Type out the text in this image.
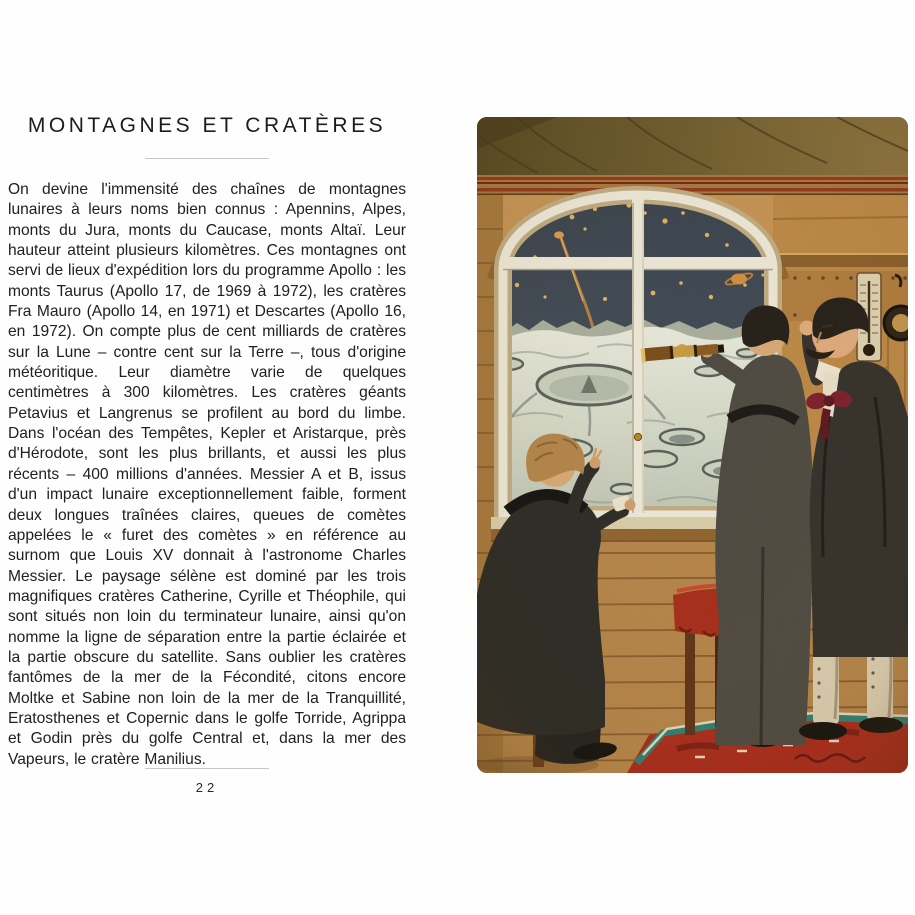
MONTAGNES ET CRATÈRES

On devine l'immensité des chaînes de montagnes lunaires à leurs noms bien connus : Apennins, Alpes, monts du Jura, monts du Caucase, monts Altaï. Leur hauteur atteint plusieurs kilomètres. Ces montagnes ont servi de lieux d'expédition lors du programme Apollo : les monts Taurus (Apollo 17, de 1969 à 1972), les cratères Fra Mauro (Apollo 14, en 1971) et Descartes (Apollo 16, en 1972). On compte plus de cent milliards de cratères sur la Lune – contre cent sur la Terre –, tous d'origine météoritique. Leur diamètre varie de quelques centimètres à 300 kilomètres. Les cratères géants Petavius et Langrenus se profilent au bord du limbe. Dans l'océan des Tempêtes, Kepler et Aristarque, près d'Hérodote, sont les plus brillants, et aussi les plus récents – 400 millions d'années. Messier A et B, issus d'un impact lunaire exceptionnellement faible, forment deux longues traînées claires, queues de comètes appelées le « furet des comètes » en référence au surnom que Louis XV donnait à l'astronome Charles Messier. Le paysage sélène est dominé par les trois magnifiques cratères Catherine, Cyrille et Théophile, qui sont situés non loin du terminateur lunaire, ainsi qu'on nomme la ligne de séparation entre la partie éclairée et la partie obscure du satellite. Sans oublier les cratères fantômes de la mer de la Fécondité, citons encore Moltke et Sabine non loin de la mer de la Tranquillité, Eratosthenes et Copernic dans le golfe Torride, Agrippa et Godin près du golfe Central et, dans la mer des Vapeurs, le cratère Manilius.

22
